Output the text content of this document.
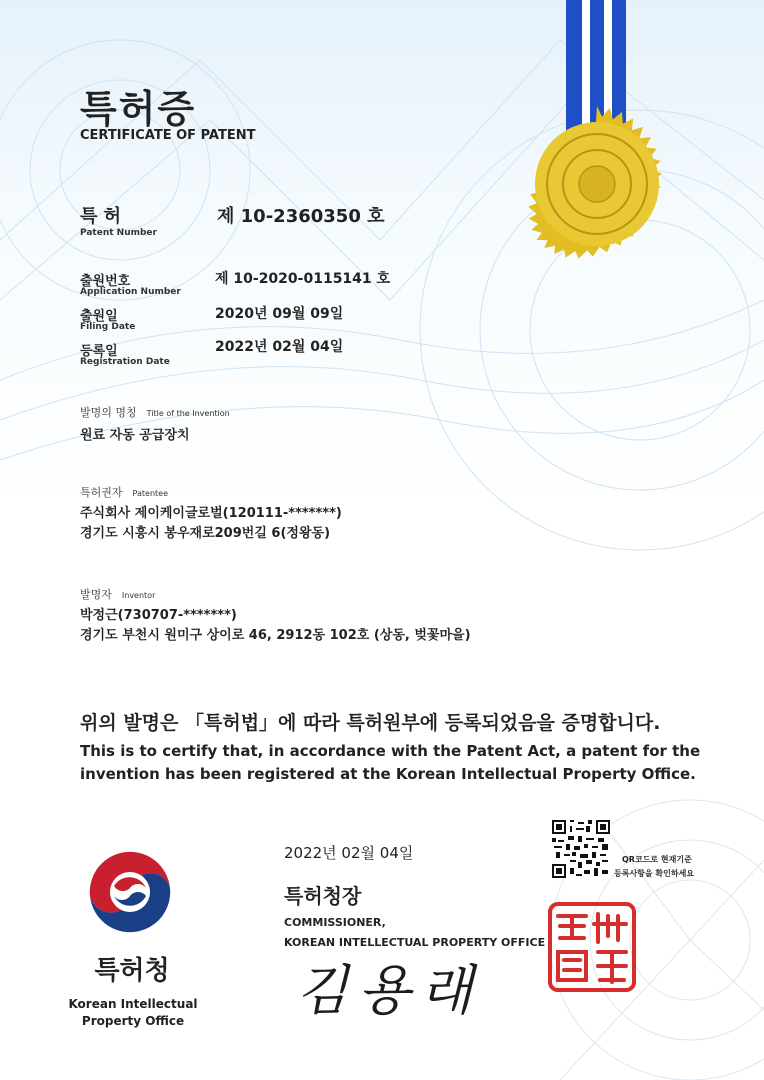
특허증
CERTIFICATE OF PATENT
특 허
Patent Number
제 10-2360350 호
출원번호
Application Number
제 10-2020-0115141 호
출원일
Filing Date
2020년 09월 09일
등록일
Registration Date
2022년 02월 04일
발명의 명칭 Title of the Invention
원료 자동 공급장치
특허권자 Patentee
주식회사 제이케이글로벌(120111-*******)
경기도 시흥시 봉우재로209번길 6(정왕동)
발명자 Inventor
박정근(730707-*******)
경기도 부천시 원미구 상이로 46, 2912동 102호 (상동, 벚꽃마을)
위의 발명은 「특허법」에 따라 특허원부에 등록되었음을 증명합니다.
This is to certify that, in accordance with the Patent Act, a patent for the invention has been registered at the Korean Intellectual Property Office.
2022년 02월 04일
특허청장
COMMISSIONER,
KOREAN INTELLECTUAL PROPERTY OFFICE
김용래
QR코드로 현재기준
등록사항을 확인하세요
특허청
Korean Intellectual
Property Office
